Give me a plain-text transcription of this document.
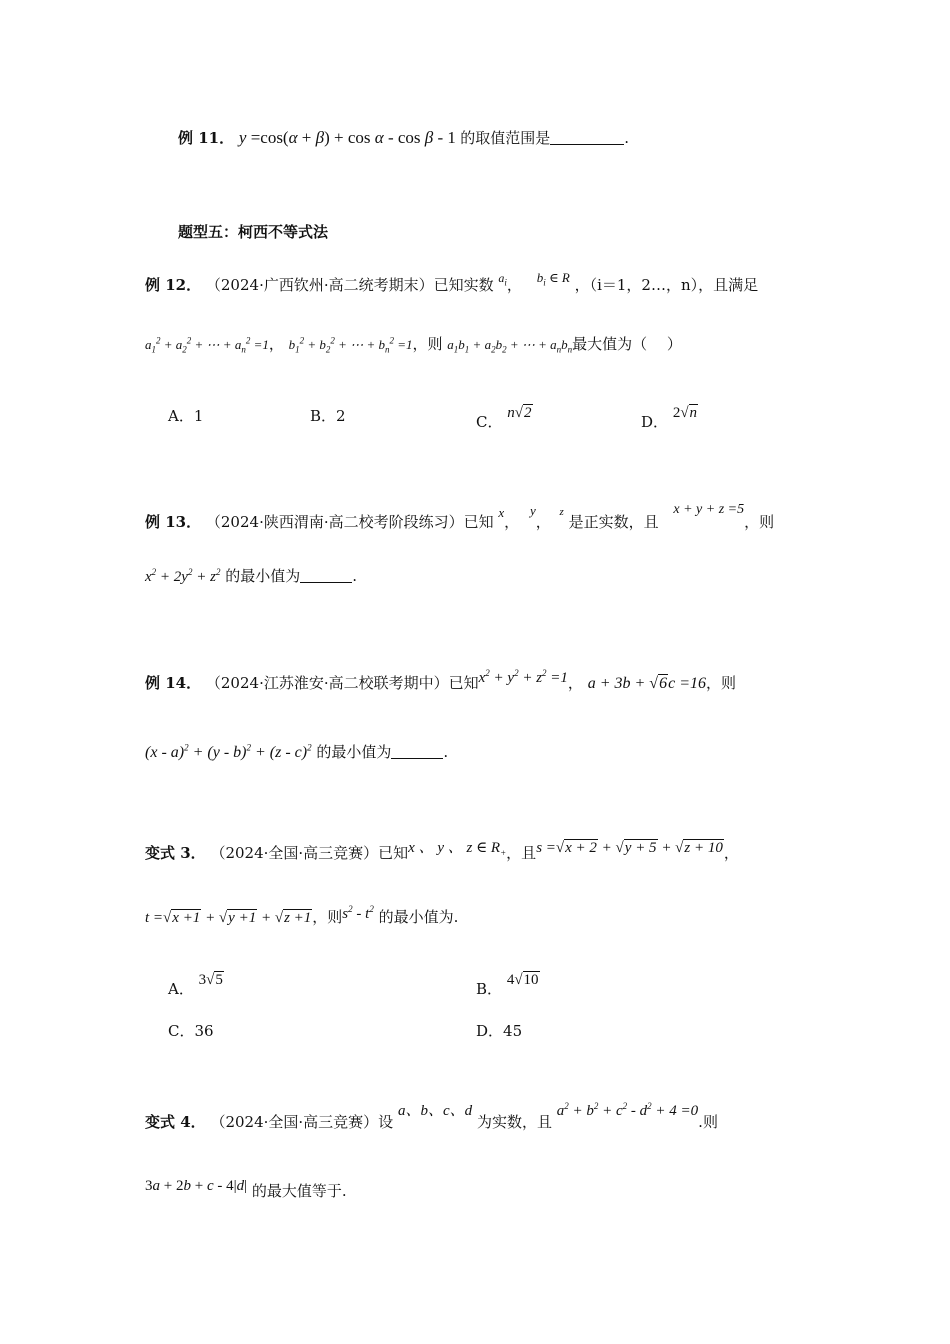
例 11． y =cos(α + β) + cos α - cos β - 1 的取值范围是	.
题型五：柯西不等式法
例 12． （2024·广西钦州·高二统考期末）已知实数 $^{a_i}$， $b_i$ ∈ R ，（i＝1，2…，n），且满足
$a_1^2 + a_2^2$ + ⋯ + $a_n^2 =1$， $b_1^2 + b_2^2$ + ⋯ + $b_n^2 =1$，则 $a_1b_1 + a_2b_2$ + ⋯ + $a_nb_n$最大值为（　 ）
A．1	B．2	C． n√2	D． 2√n
例 13． （2024·陕西渭南·高二校考阶段练习）已知 x， y， $^z$ 是正实数，且 x + y + z =5，则
$x^2 + 2y^2 + z^2$ 的最小值为	.
例 14． （2024·江苏淮安·高二校联考期中）已知$x^2 + y^2 + z^2 =1$， a + 3b + √6c =16，则
(x - a)$^2$ + (y - b)$^2$ + (z - c)$^2$ 的最小值为	.
变式 3． （2024·全国·高三竞赛）已知x 、 y 、 z ∈ $R_+$，且s =√x + 2 + √y + 5 + √z + 10，
t =√x +1 + √y +1 + √z +1，则$s^2 - t^2$ 的最小值为.
A． 3√5	B． 4√10
C．36	D．45
变式 4． （2024·全国·高三竞赛）设 a、b、c、d 为实数，且 $a^2 + b^2 + c^2 - d^2 + 4 =0$.则
3a + 2b + c - 4|d| 的最大值等于.
